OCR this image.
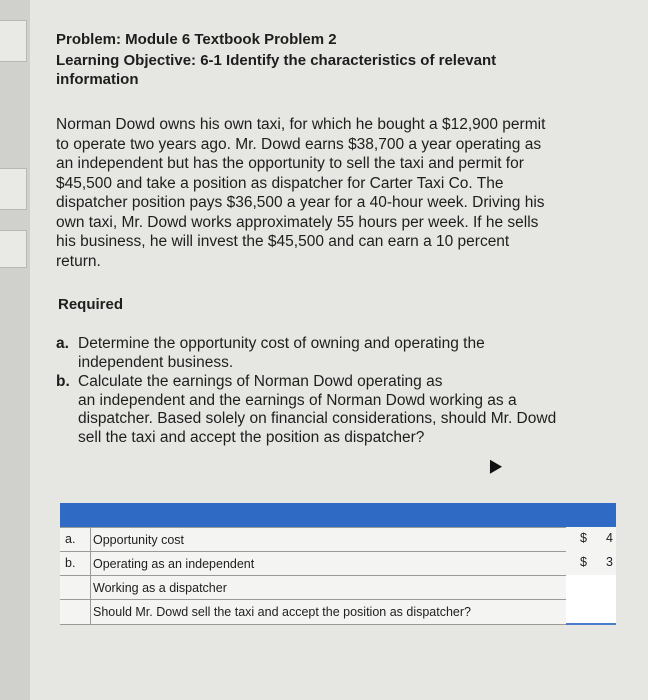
Problem: Module 6 Textbook Problem 2
Learning Objective: 6-1 Identify the characteristics of relevant
information
Norman Dowd owns his own taxi, for which he bought a $12,900 permit
to operate two years ago. Mr. Dowd earns $38,700 a year operating as
an independent but has the opportunity to sell the taxi and permit for
$45,500 and take a position as dispatcher for Carter Taxi Co. The
dispatcher position pays $36,500 a year for a 40-hour week. Driving his
own taxi, Mr. Dowd works approximately 55 hours per week. If he sells
his business, he will invest the $45,500 and can earn a 10 percent
return.
Required
a. Determine the opportunity cost of owning and operating the
independent business.
b. Calculate the earnings of Norman Dowd operating as
an independent and the earnings of Norman Dowd working as a
dispatcher. Based solely on financial considerations, should Mr. Dowd
sell the taxi and accept the position as dispatcher?
a.	Opportunity cost	$ 4
b.	Operating as an independent	$ 3
Working as a dispatcher
Should Mr. Dowd sell the taxi and accept the position as dispatcher?
